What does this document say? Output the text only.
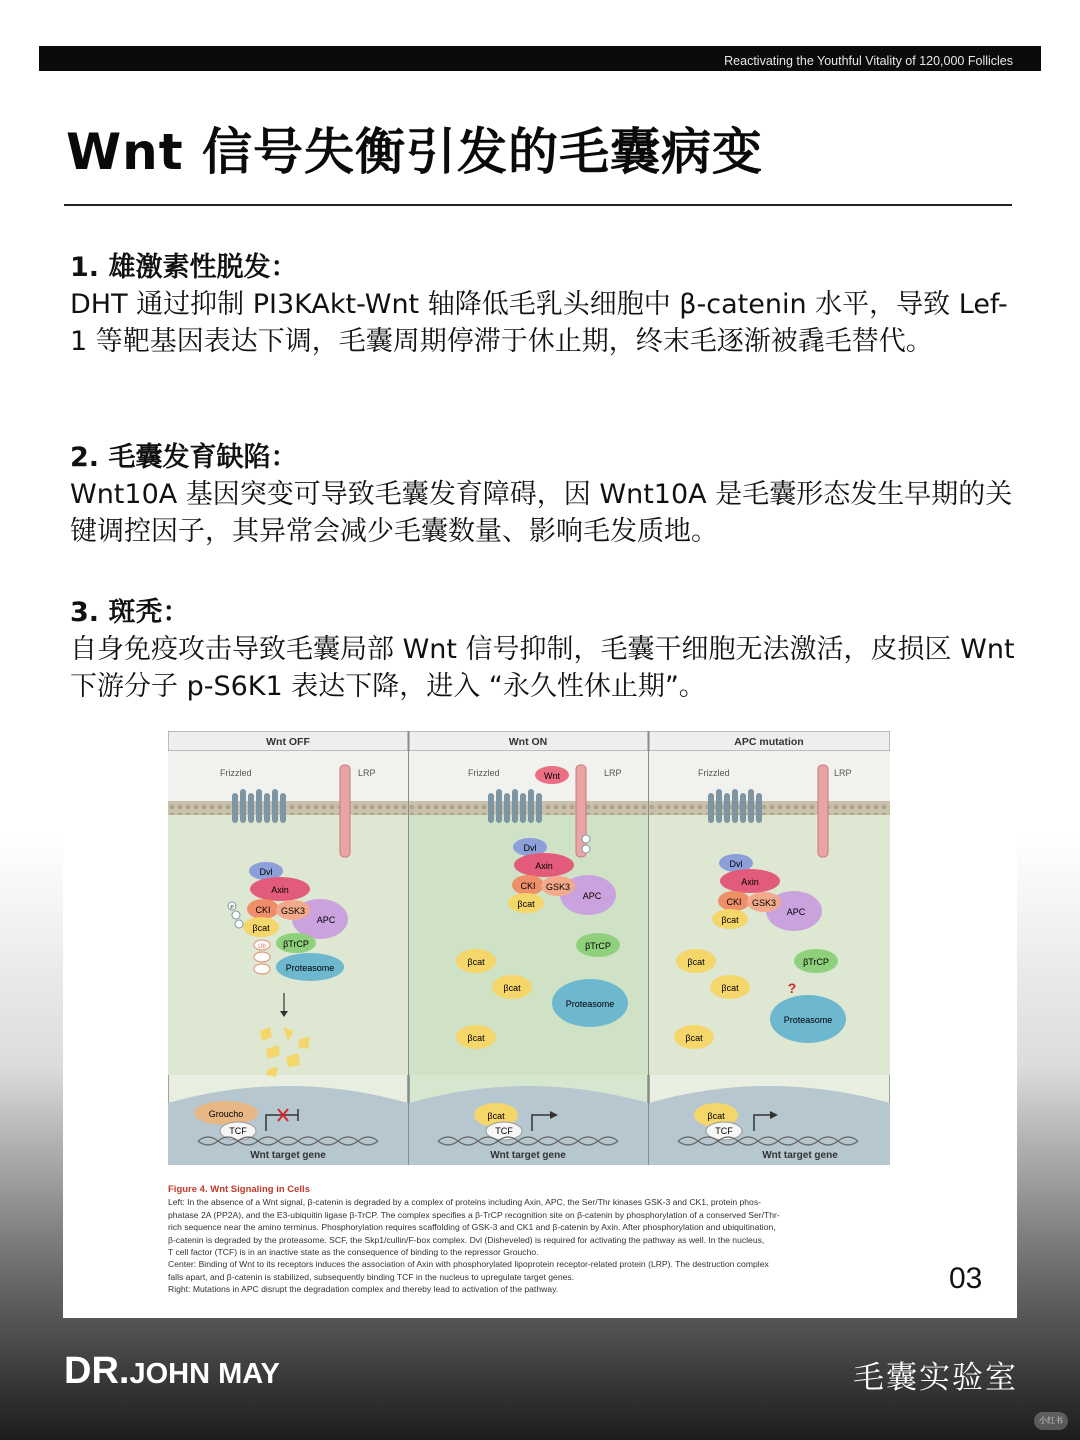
Reactivating the Youthful Vitality of 120,000 Follicles
Wnt 信号失衡引发的毛囊病变
1. 雄激素性脱发：
DHT 通过抑制 PI3KAkt-Wnt 轴降低毛乳头细胞中 β-catenin 水平，导致 Lef-1 等靶基因表达下调，毛囊周期停滞于休止期，终末毛逐渐被毳毛替代。
2. 毛囊发育缺陷：
Wnt10A 基因突变可导致毛囊发育障碍，因 Wnt10A 是毛囊形态发生早期的关键调控因子，其异常会减少毛囊数量、影响毛发质地。
3. 斑秃：
自身免疫攻击导致毛囊局部 Wnt 信号抑制，毛囊干细胞无法激活，皮损区 Wnt 下游分子 p-S6K1 表达下降，进入 “永久性休止期”。
Wnt OFF
Frizzled	LRP
Dvl
Axin
APC
CKI GSK3
βcat
P
βTrCP
Proteasome
Ub
Groucho
TCF
Wnt target gene
Wnt ON
Frizzled	LRP
Wnt
Dvl
Axin
APC
CKI GSK3
βcat
βcat
βcat
βcat
βTrCP
Proteasome
βcat
TCF
Wnt target gene
APC mutation
Frizzled	LRP
Dvl
Axin
APC
CKI GSK3
βcat
βcat
βcat
βcat
βTrCP
?
Proteasome
βcat
TCF
Wnt target gene
Figure 4. Wnt Signaling in Cells
Left: In the absence of a Wnt signal, β-catenin is degraded by a complex of proteins including Axin, APC, the Ser/Thr kinases GSK-3 and CK1, protein phos-
phatase 2A (PP2A), and the E3-ubiquitin ligase β-TrCP. The complex specifies a β-TrCP recognition site on β-catenin by phosphorylation of a conserved Ser/Thr-
rich sequence near the amino terminus. Phosphorylation requires scaffolding of GSK-3 and CK1 and β-catenin by Axin. After phosphorylation and ubiquitination,
β-catenin is degraded by the proteasome. SCF, the Skp1/cullin/F-box complex. Dvl (Disheveled) is required for activating the pathway as well. In the nucleus,
T cell factor (TCF) is in an inactive state as the consequence of binding to the repressor Groucho.
Center: Binding of Wnt to its receptors induces the association of Axin with phosphorylated lipoprotein receptor-related protein (LRP). The destruction complex
falls apart, and β-catenin is stabilized, subsequently binding TCF in the nucleus to upregulate target genes.
Right: Mutations in APC disrupt the degradation complex and thereby lead to activation of the pathway.	03
DR.JOHN MAY	毛囊实验室
小红书
